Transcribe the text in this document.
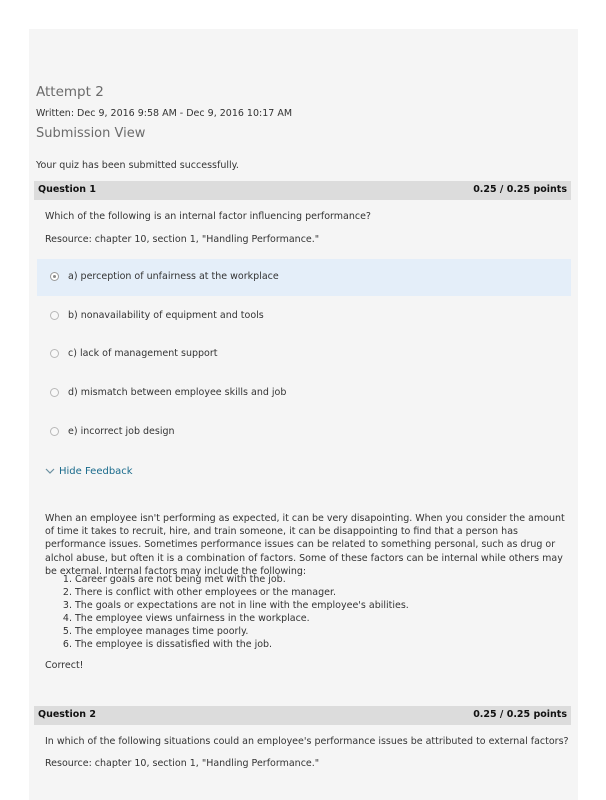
Attempt 2
Written: Dec 9, 2016 9:58 AM - Dec 9, 2016 10:17 AM
Submission View
Your quiz has been submitted successfully.
Question 1	0.25 / 0.25 points
Which of the following is an internal factor influencing performance?
Resource: chapter 10, section 1, "Handling Performance."
a) perception of unfairness at the workplace
b) nonavailability of equipment and tools
c) lack of management support
d) mismatch between employee skills and job
e) incorrect job design
Hide Feedback
When an employee isn't performing as expected, it can be very disapointing. When you consider the amount of time it takes to recruit, hire, and train someone, it can be disappointing to find that a person has performance issues. Sometimes performance issues can be related to something personal, such as drug or alchol abuse, but often it is a combination of factors. Some of these factors can be internal while others may be external. Internal factors may include the following:
1. Career goals are not being met with the job.
2. There is conflict with other employees or the manager.
3. The goals or expectations are not in line with the employee's abilities.
4. The employee views unfairness in the workplace.
5. The employee manages time poorly.
6. The employee is dissatisfied with the job.
Correct!
Question 2	0.25 / 0.25 points
In which of the following situations could an employee's performance issues be attributed to external factors?
Resource: chapter 10, section 1, "Handling Performance."
